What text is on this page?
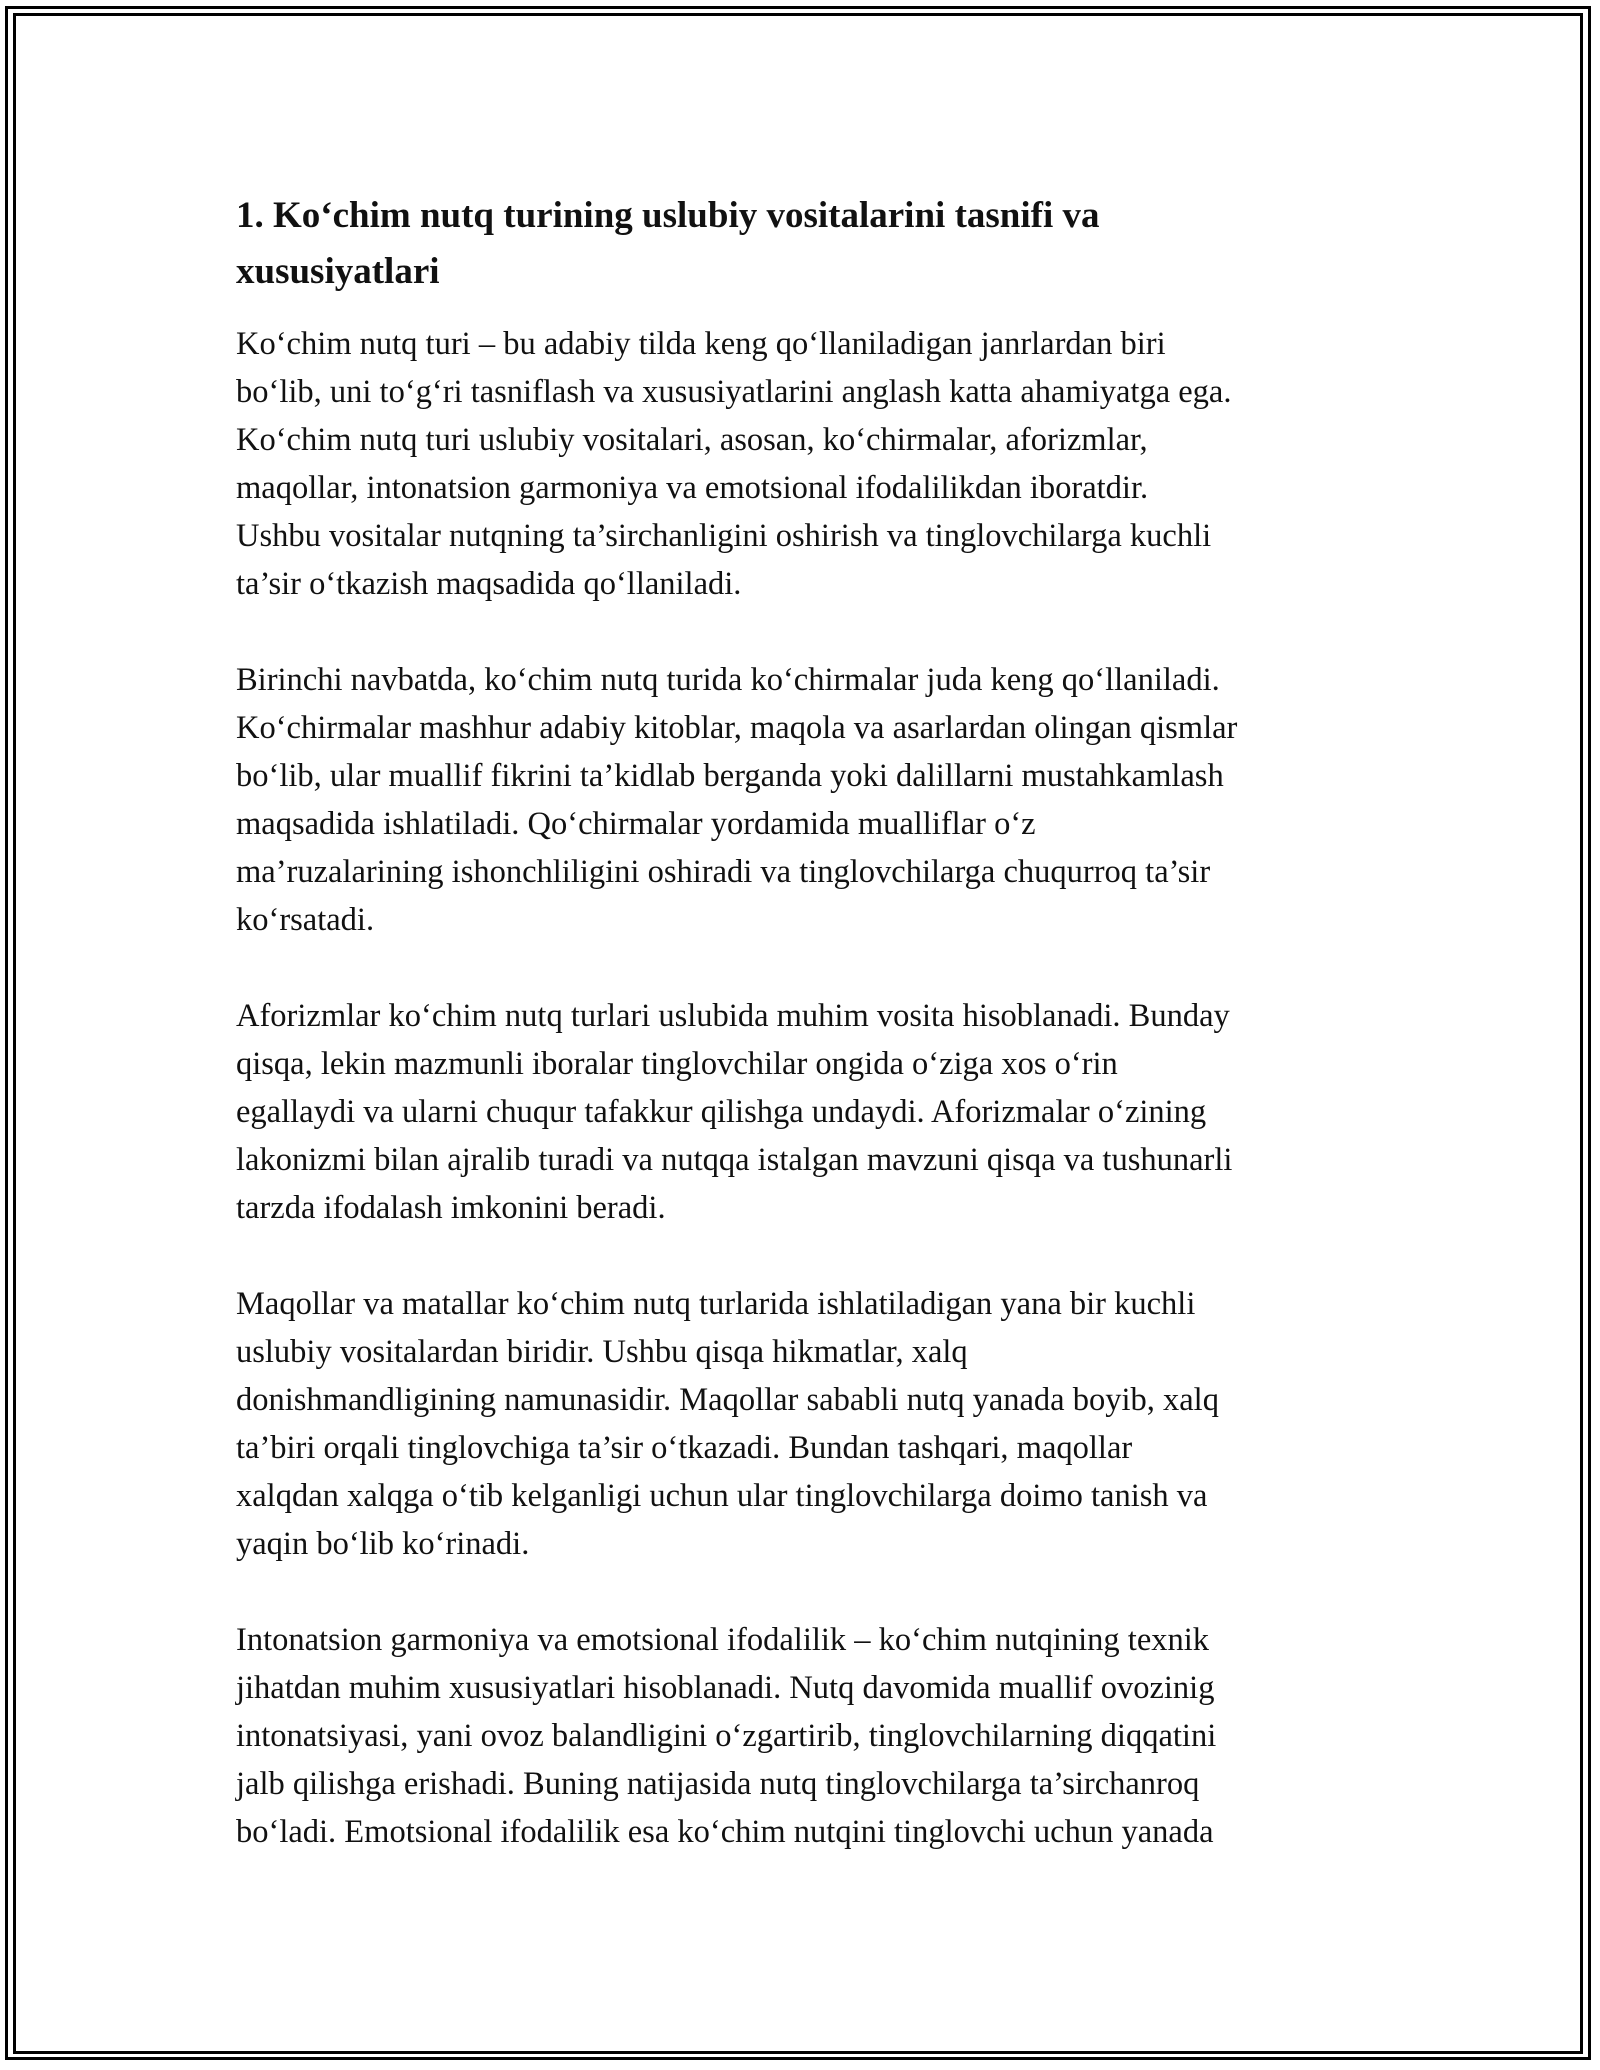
1. Ko‘chim nutq turining uslubiy vositalarini tasnifi va
xususiyatlari

Ko‘chim nutq turi – bu adabiy tilda keng qo‘llaniladigan janrlardan biri
bo‘lib, uni to‘g‘ri tasniflash va xususiyatlarini anglash katta ahamiyatga ega.
Ko‘chim nutq turi uslubiy vositalari, asosan, ko‘chirmalar, aforizmlar,
maqollar, intonatsion garmoniya va emotsional ifodalilikdan iboratdir.
Ushbu vositalar nutqning ta’sirchanligini oshirish va tinglovchilarga kuchli
ta’sir o‘tkazish maqsadida qo‘llaniladi.

Birinchi navbatda, ko‘chim nutq turida ko‘chirmalar juda keng qo‘llaniladi.
Ko‘chirmalar mashhur adabiy kitoblar, maqola va asarlardan olingan qismlar
bo‘lib, ular muallif fikrini ta’kidlab berganda yoki dalillarni mustahkamlash
maqsadida ishlatiladi. Qo‘chirmalar yordamida mualliflar o‘z
ma’ruzalarining ishonchliligini oshiradi va tinglovchilarga chuqurroq ta’sir
ko‘rsatadi.

Aforizmlar ko‘chim nutq turlari uslubida muhim vosita hisoblanadi. Bunday
qisqa, lekin mazmunli iboralar tinglovchilar ongida o‘ziga xos o‘rin
egallaydi va ularni chuqur tafakkur qilishga undaydi. Aforizmalar o‘zining
lakonizmi bilan ajralib turadi va nutqqa istalgan mavzuni qisqa va tushunarli
tarzda ifodalash imkonini beradi.

Maqollar va matallar ko‘chim nutq turlarida ishlatiladigan yana bir kuchli
uslubiy vositalardan biridir. Ushbu qisqa hikmatlar, xalq
donishmandligining namunasidir. Maqollar sababli nutq yanada boyib, xalq
ta’biri orqali tinglovchiga ta’sir o‘tkazadi. Bundan tashqari, maqollar
xalqdan xalqga o‘tib kelganligi uchun ular tinglovchilarga doimo tanish va
yaqin bo‘lib ko‘rinadi.

Intonatsion garmoniya va emotsional ifodalilik – ko‘chim nutqining texnik
jihatdan muhim xususiyatlari hisoblanadi. Nutq davomida muallif ovozinig
intonatsiyasi, yani ovoz balandligini o‘zgartirib, tinglovchilarning diqqatini
jalb qilishga erishadi. Buning natijasida nutq tinglovchilarga ta’sirchanroq
bo‘ladi. Emotsional ifodalilik esa ko‘chim nutqini tinglovchi uchun yanada
